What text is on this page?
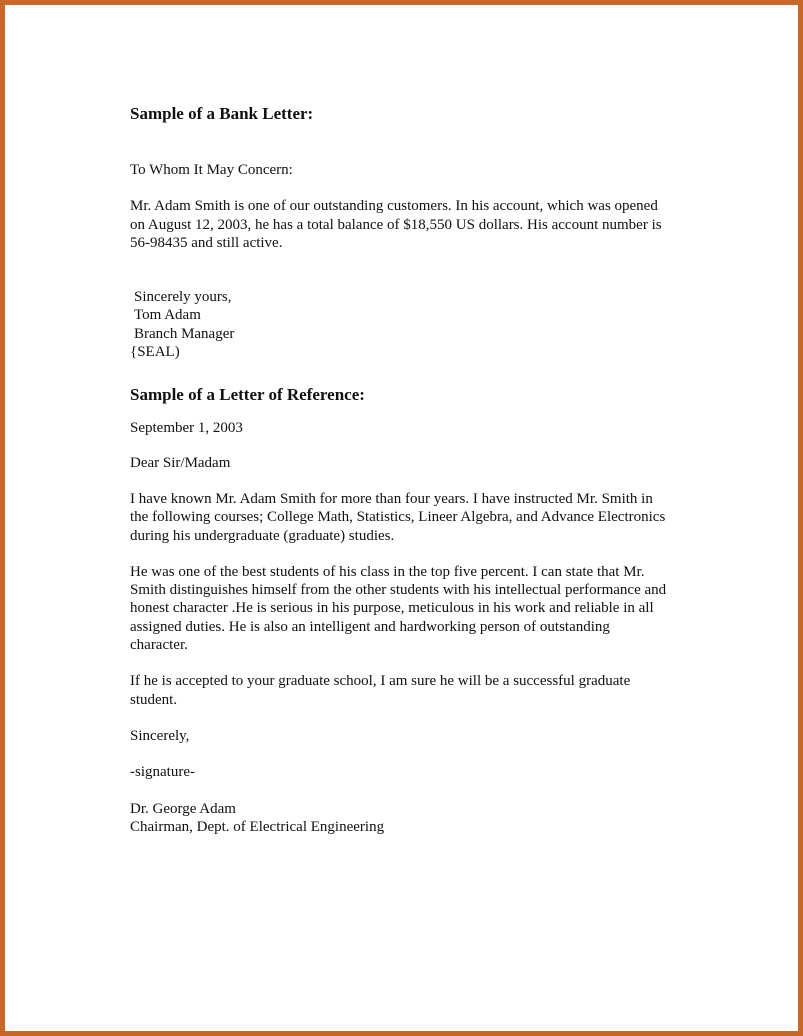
Sample of a Bank Letter:

To Whom It May Concern:

Mr. Adam Smith is one of our outstanding customers. In his account, which was opened
on August 12, 2003, he has a total balance of $18,550 US dollars. His account number is
56-98435 and still active.

Sincerely yours,
Tom Adam
Branch Manager
{SEAL)

Sample of a Letter of Reference:

September 1, 2003

Dear Sir/Madam

I have known Mr. Adam Smith for more than four years. I have instructed Mr. Smith in
the following courses; College Math, Statistics, Lineer Algebra, and Advance Electronics
during his undergraduate (graduate) studies.

He was one of the best students of his class in the top five percent. I can state that Mr.
Smith distinguishes himself from the other students with his intellectual performance and
honest character .He is serious in his purpose, meticulous in his work and reliable in all
assigned duties. He is also an intelligent and hardworking person of outstanding
character.

If he is accepted to your graduate school, I am sure he will be a successful graduate
student.

Sincerely,

-signature-

Dr. George Adam
Chairman, Dept. of Electrical Engineering
